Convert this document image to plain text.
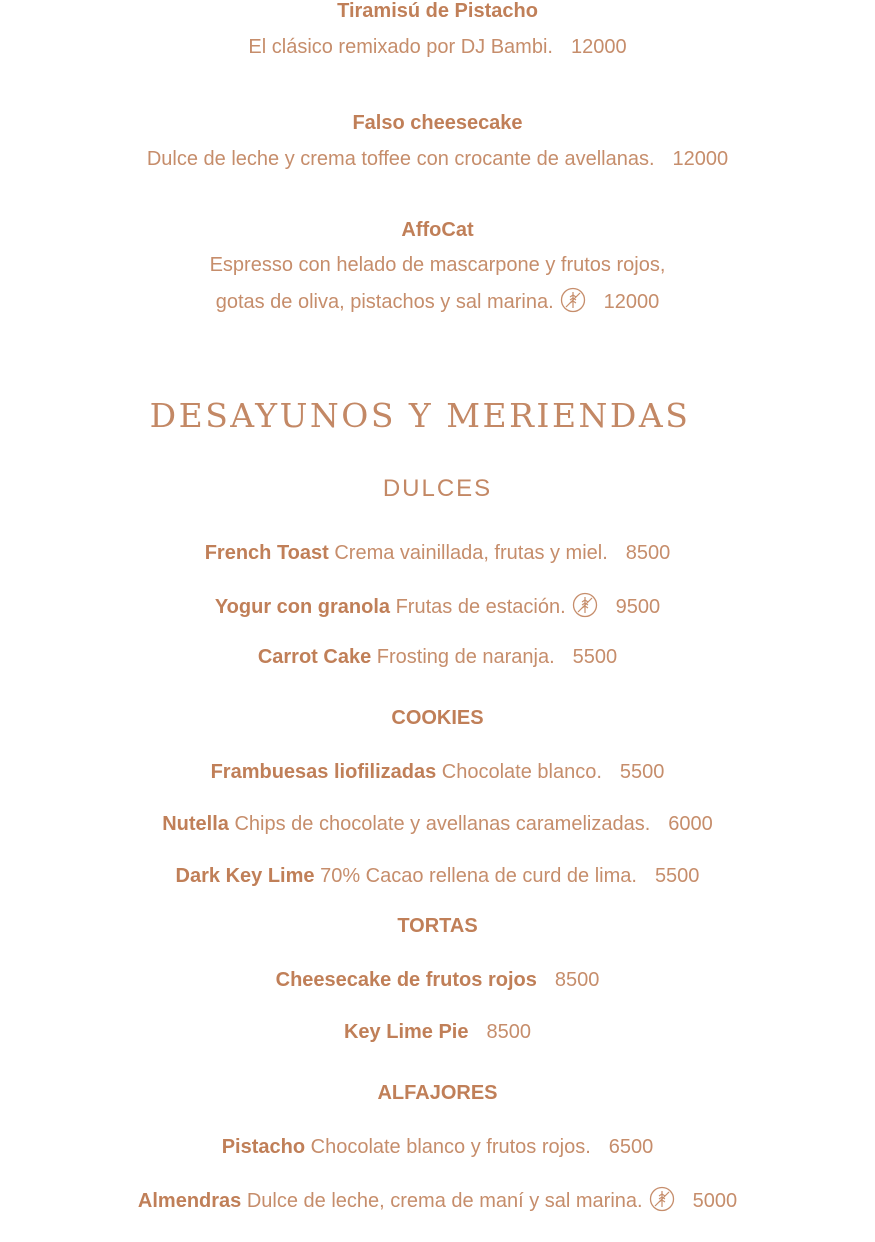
Tiramisú de Pistacho
El clásico remixado por DJ Bambi. 12000
Falso cheesecake
Dulce de leche y crema toffee con crocante de avellanas. 12000
AffoCat
Espresso con helado de mascarpone y frutos rojos,
gotas de oliva, pistachos y sal marina.	12000
DESAYUNOS Y MERIENDAS
DULCES
French Toast Crema vainillada, frutas y miel. 8500
Yogur con granola Frutas de estación.	9500
Carrot Cake Frosting de naranja. 5500
COOKIES
Frambuesas liofilizadas Chocolate blanco. 5500
Nutella Chips de chocolate y avellanas caramelizadas. 6000
Dark Key Lime 70% Cacao rellena de curd de lima. 5500
TORTAS
Cheesecake de frutos rojos 8500
Key Lime Pie 8500
ALFAJORES
Pistacho Chocolate blanco y frutos rojos. 6500
Almendras Dulce de leche, crema de maní y sal marina.	5000
